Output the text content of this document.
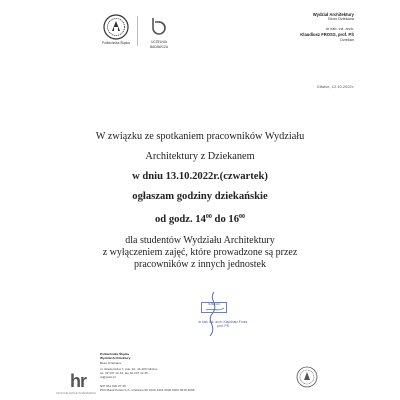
Politechnika Śląska	UCZELNIA
BADAWCZA
Wydział Architektury
Biuro Dziekana
dr hab. inż. arch.
Klaudiusz FROSS, prof. PŚ
Dziekan
Gliwice, 12.10.2022r.
W związku ze spotkaniem pracowników Wydziału
Architektury z Dziekanem
w dniu 13.10.2022r.(czwartek)
ogłaszam godziny dziekańskie
od godz. $14^{00}$ do $16^{00}$
dla studentów Wydziału Architektury
z wyłączeniem zajęć, które prowadzone są przez
pracowników z innych jednostek
DZIEKAN
dr hab. inż. arch. Klaudiusz Fross, prof. PŚ
Politechnika Śląska
Wydział Architektury
Biuro Dziekana
ul. Akademicka 7, pok. 10, 44-100 Gliwice
tel. 32 237 12 34, fax 32 237 12 35
ra@polsl.pl
NIP 631 020 07 35
PKO Bank Polski S.A. o/Gliwice 06 1020 2401 0000 0302 0018 4698
hr
HR EXCELLENCE IN RESEARCH
